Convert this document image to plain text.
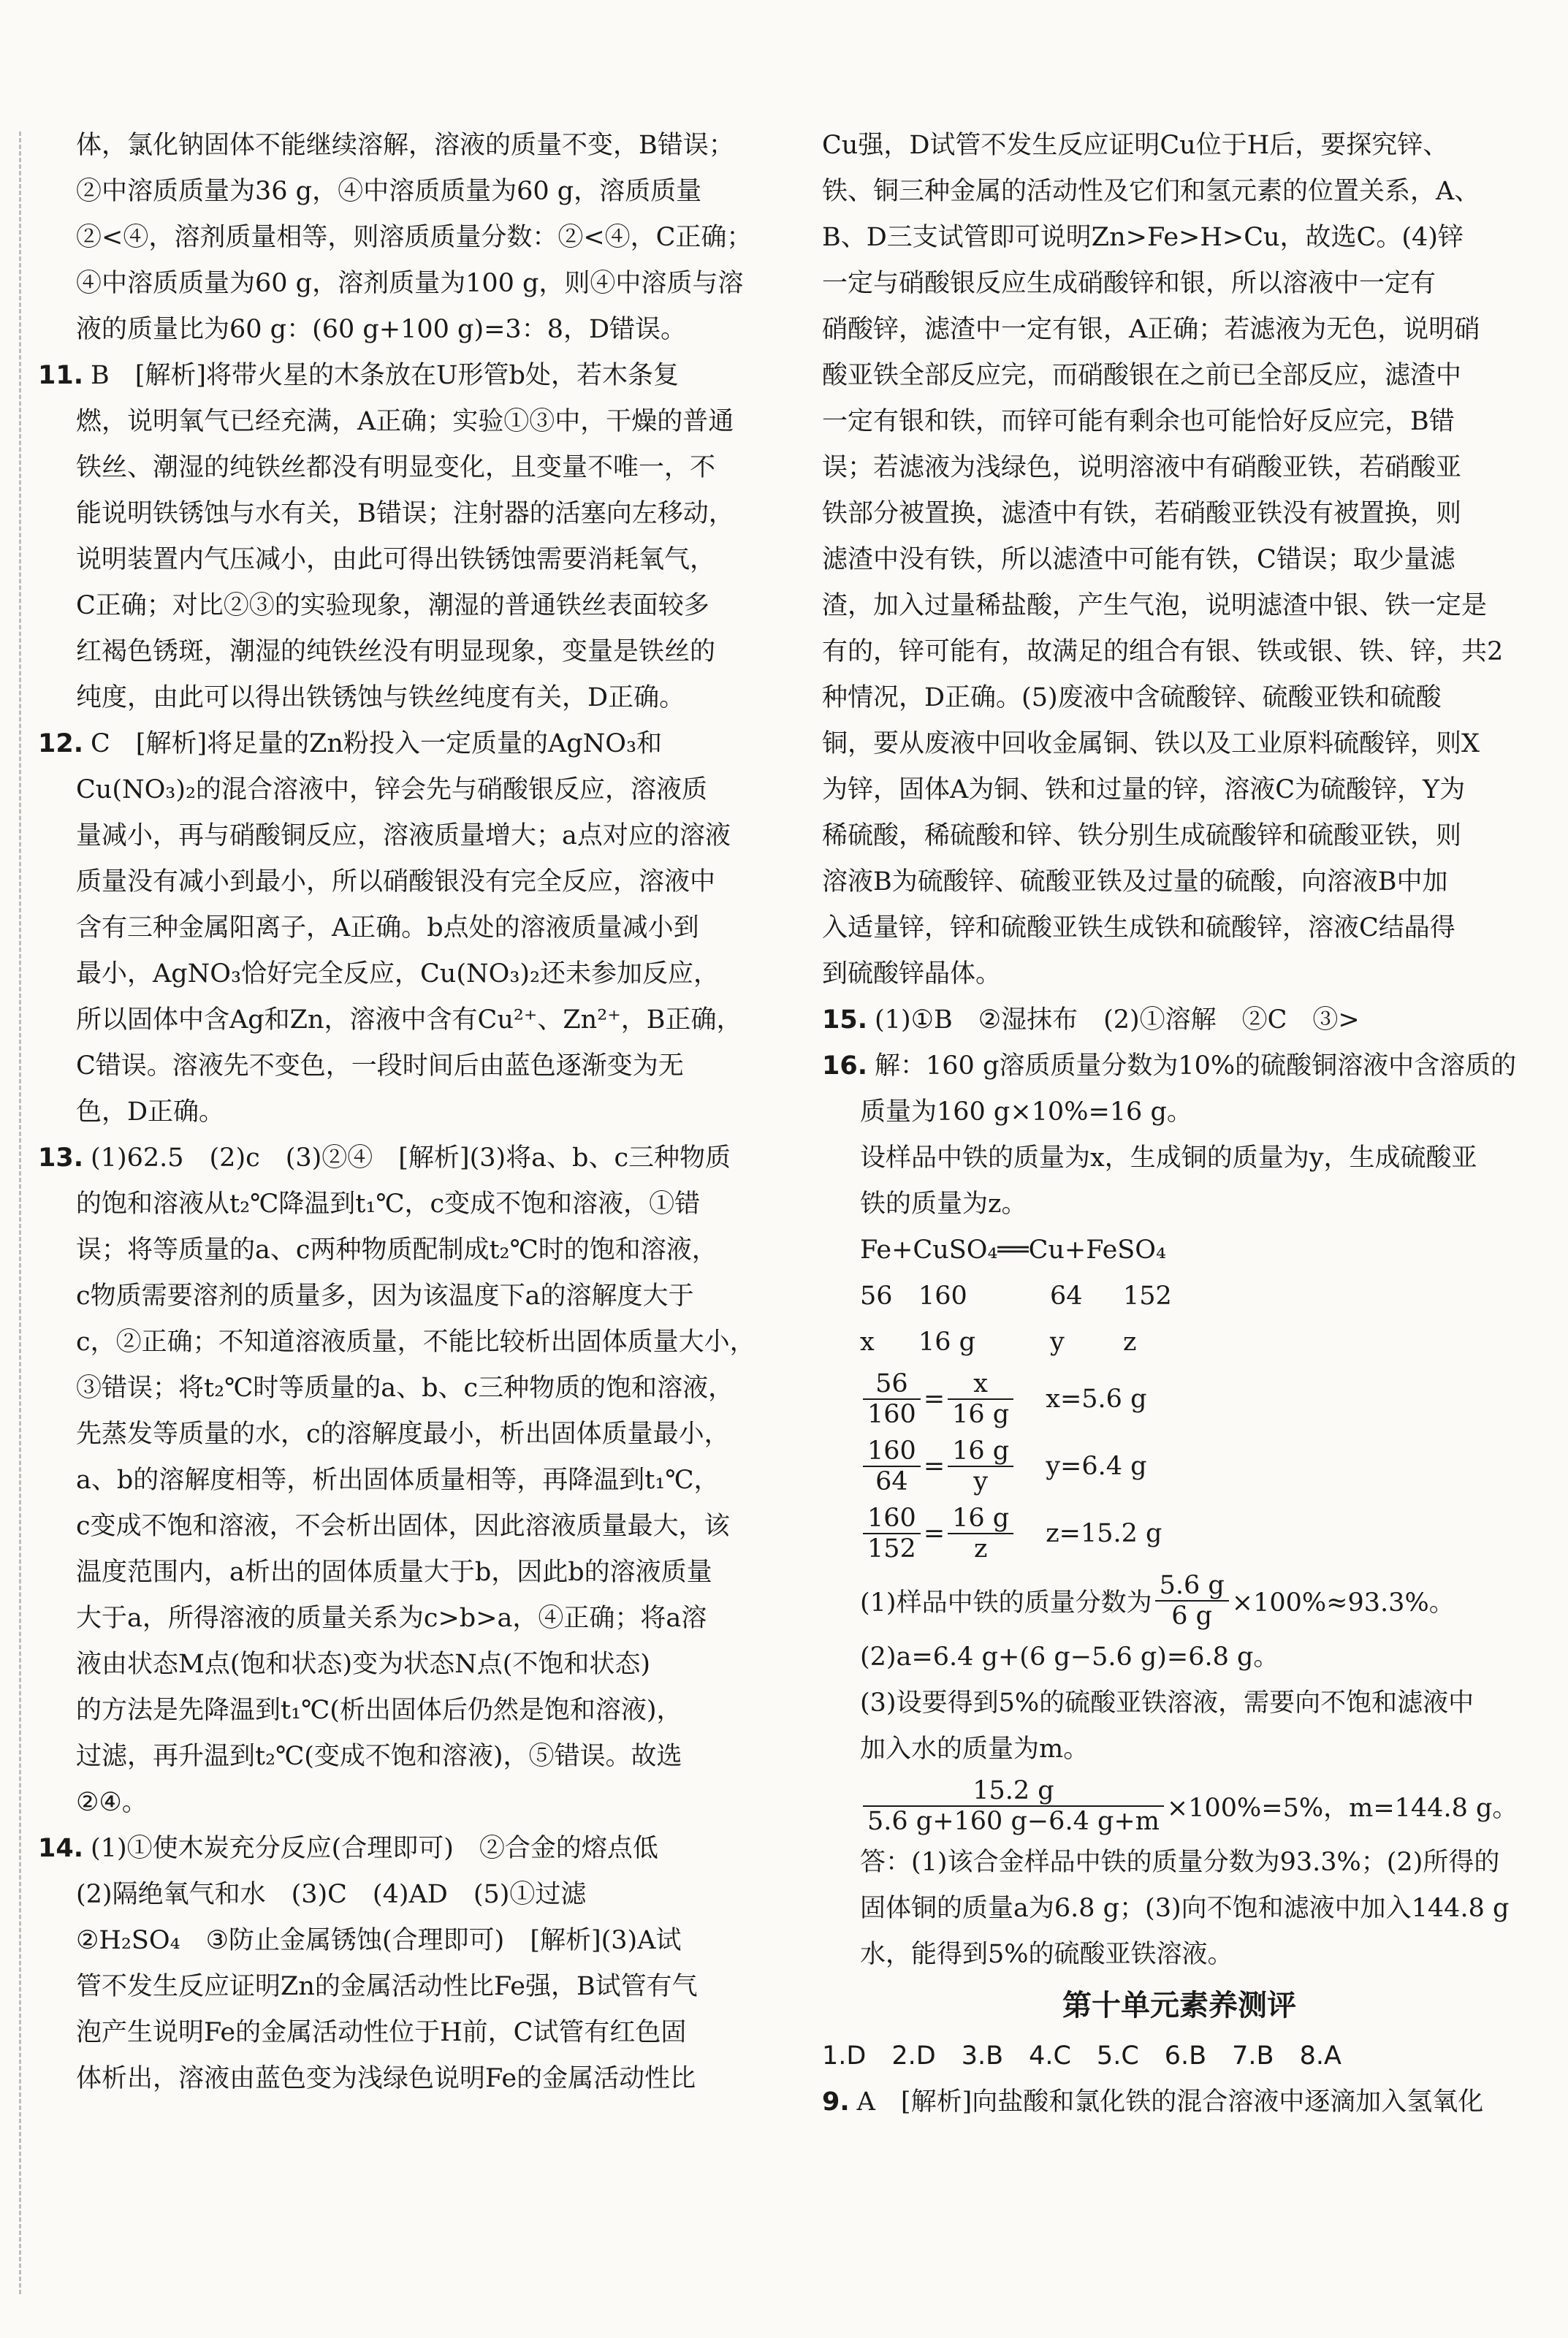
体，氯化钠固体不能继续溶解，溶液的质量不变，B错误；
②中溶质质量为36 g，④中溶质质量为60 g，溶质质量
②<④，溶剂质量相等，则溶质质量分数：②<④，C正确；
④中溶质质量为60 g，溶剂质量为100 g，则④中溶质与溶
液的质量比为60 g：(60 g+100 g)=3：8，D错误。
11. B　[解析]将带火星的木条放在U形管b处，若木条复
燃，说明氧气已经充满，A正确；实验①③中，干燥的普通
铁丝、潮湿的纯铁丝都没有明显变化，且变量不唯一，不
能说明铁锈蚀与水有关，B错误；注射器的活塞向左移动，
说明装置内气压减小，由此可得出铁锈蚀需要消耗氧气，
C正确；对比②③的实验现象，潮湿的普通铁丝表面较多
红褐色锈斑，潮湿的纯铁丝没有明显现象，变量是铁丝的
纯度，由此可以得出铁锈蚀与铁丝纯度有关，D正确。
12. C　[解析]将足量的Zn粉投入一定质量的AgNO₃和
Cu(NO₃)₂的混合溶液中，锌会先与硝酸银反应，溶液质
量减小，再与硝酸铜反应，溶液质量增大；a点对应的溶液
质量没有减小到最小，所以硝酸银没有完全反应，溶液中
含有三种金属阳离子，A正确。b点处的溶液质量减小到
最小，AgNO₃恰好完全反应，Cu(NO₃)₂还未参加反应，
所以固体中含Ag和Zn，溶液中含有Cu²⁺、Zn²⁺，B正确，
C错误。溶液先不变色，一段时间后由蓝色逐渐变为无
色，D正确。
13. (1)62.5　(2)c　(3)②④　[解析](3)将a、b、c三种物质
的饱和溶液从t₂℃降温到t₁℃，c变成不饱和溶液，①错
误；将等质量的a、c两种物质配制成t₂℃时的饱和溶液，
c物质需要溶剂的质量多，因为该温度下a的溶解度大于
c，②正确；不知道溶液质量，不能比较析出固体质量大小，
③错误；将t₂℃时等质量的a、b、c三种物质的饱和溶液，
先蒸发等质量的水，c的溶解度最小，析出固体质量最小，
a、b的溶解度相等，析出固体质量相等，再降温到t₁℃，
c变成不饱和溶液，不会析出固体，因此溶液质量最大，该
温度范围内，a析出的固体质量大于b，因此b的溶液质量
大于a，所得溶液的质量关系为c>b>a，④正确；将a溶
液由状态M点(饱和状态)变为状态N点(不饱和状态)
的方法是先降温到t₁℃(析出固体后仍然是饱和溶液)，
过滤，再升温到t₂℃(变成不饱和溶液)，⑤错误。故选
②④。
14. (1)①使木炭充分反应(合理即可)　②合金的熔点低
(2)隔绝氧气和水　(3)C　(4)AD　(5)①过滤
②H₂SO₄　③防止金属锈蚀(合理即可)　[解析](3)A试
管不发生反应证明Zn的金属活动性比Fe强，B试管有气
泡产生说明Fe的金属活动性位于H前，C试管有红色固
体析出，溶液由蓝色变为浅绿色说明Fe的金属活动性比
Cu强，D试管不发生反应证明Cu位于H后，要探究锌、
铁、铜三种金属的活动性及它们和氢元素的位置关系，A、
B、D三支试管即可说明Zn>Fe>H>Cu，故选C。(4)锌
一定与硝酸银反应生成硝酸锌和银，所以溶液中一定有
硝酸锌，滤渣中一定有银，A正确；若滤液为无色，说明硝
酸亚铁全部反应完，而硝酸银在之前已全部反应，滤渣中
一定有银和铁，而锌可能有剩余也可能恰好反应完，B错
误；若滤液为浅绿色，说明溶液中有硝酸亚铁，若硝酸亚
铁部分被置换，滤渣中有铁，若硝酸亚铁没有被置换，则
滤渣中没有铁，所以滤渣中可能有铁，C错误；取少量滤
渣，加入过量稀盐酸，产生气泡，说明滤渣中银、铁一定是
有的，锌可能有，故满足的组合有银、铁或银、铁、锌，共2
种情况，D正确。(5)废液中含硫酸锌、硫酸亚铁和硫酸
铜，要从废液中回收金属铜、铁以及工业原料硫酸锌，则X
为锌，固体A为铜、铁和过量的锌，溶液C为硫酸锌，Y为
稀硫酸，稀硫酸和锌、铁分别生成硫酸锌和硫酸亚铁，则
溶液B为硫酸锌、硫酸亚铁及过量的硫酸，向溶液B中加
入适量锌，锌和硫酸亚铁生成铁和硫酸锌，溶液C结晶得
到硫酸锌晶体。
15. (1)①B　②湿抹布　(2)①溶解　②C　③>
16. 解：160 g溶质质量分数为10%的硫酸铜溶液中含溶质的
质量为160 g×10%=16 g。
设样品中铁的质量为x，生成铜的质量为y，生成硫酸亚
铁的质量为z。
Fe+CuSO₄══Cu+FeSO₄
56 160	64 152
x 16 g	y z
$\frac{56}{160} = \frac{x}{16 g} x=5.6$ g
$\frac{160}{64} = \frac{16 g}{y} y=6.4$ g
$\frac{160}{152} = \frac{16 g}{z} z=15.2$ g
(1)样品中铁的质量分数为 $\frac{5.6 g}{6 g} \times 100\%\approx 93.3\%$。
(2)a=6.4 g+(6 g−5.6 g)=6.8 g。
(3)设要得到5%的硫酸亚铁溶液，需要向不饱和滤液中
加入水的质量为m。
$\frac{15.2 g}{5.6 g+160 g-6.4 g+m} \times 100\%=5\%$，m=144.8 g。
答：(1)该合金样品中铁的质量分数为93.3%；(2)所得的
固体铜的质量a为6.8 g；(3)向不饱和滤液中加入144.8 g
水，能得到5%的硫酸亚铁溶液。
第十单元素养测评
1.D　2.D　3.B　4.C　5.C　6.B　7.B　8.A
9. A　[解析]向盐酸和氯化铁的混合溶液中逐滴加入氢氧化
